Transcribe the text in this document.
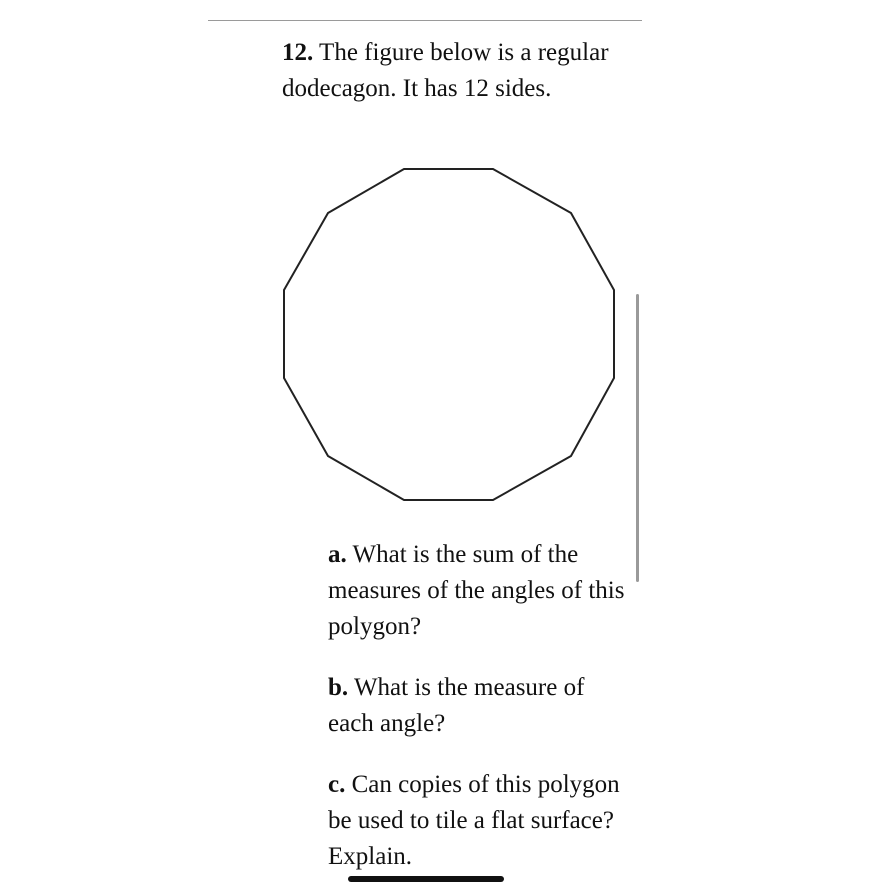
12. The figure below is a regular dodecagon. It has 12 sides.
a. What is the sum of the measures of the angles of this polygon?
b. What is the measure of each angle?
c. Can copies of this polygon be used to tile a flat surface? Explain.
